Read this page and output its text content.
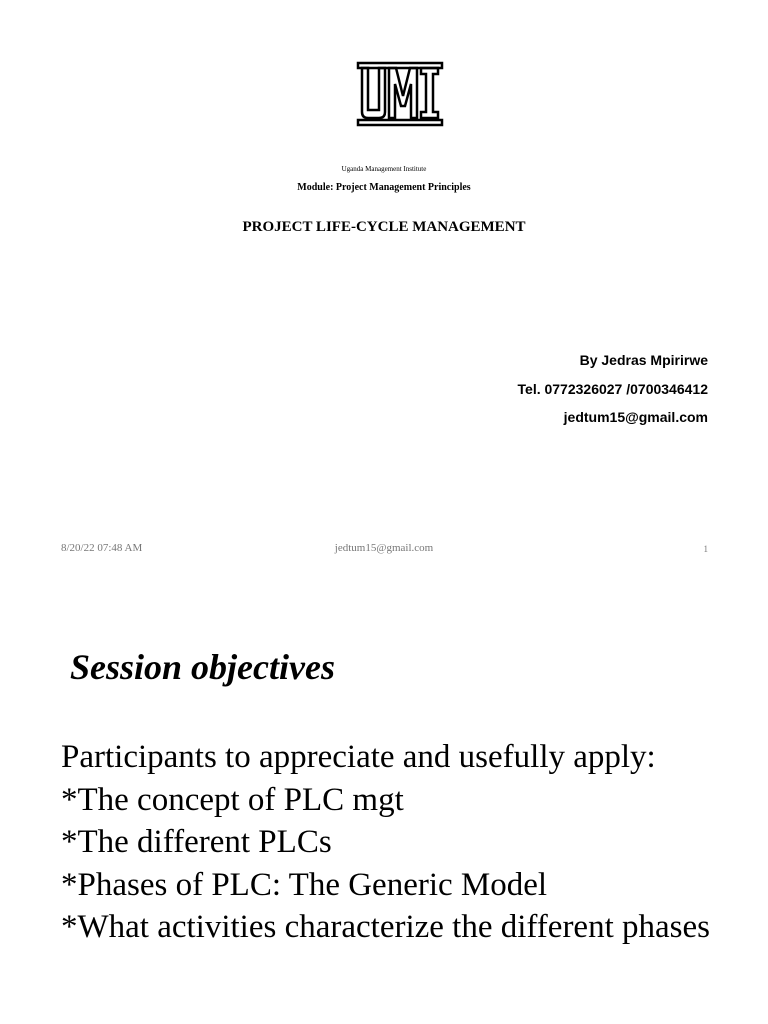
Uganda Management Institute
Module: Project Management Principles
PROJECT LIFE-CYCLE MANAGEMENT
By Jedras Mpirirwe
Tel. 0772326027 /0700346412
jedtum15@gmail.com
8/20/22 07:48 AM	jedtum15@gmail.com	1
Session objectives

Participants to appreciate and usefully apply:

*The concept of PLC mgt

*The different PLCs

*Phases of PLC: The Generic Model

*What activities characterize the different phases
